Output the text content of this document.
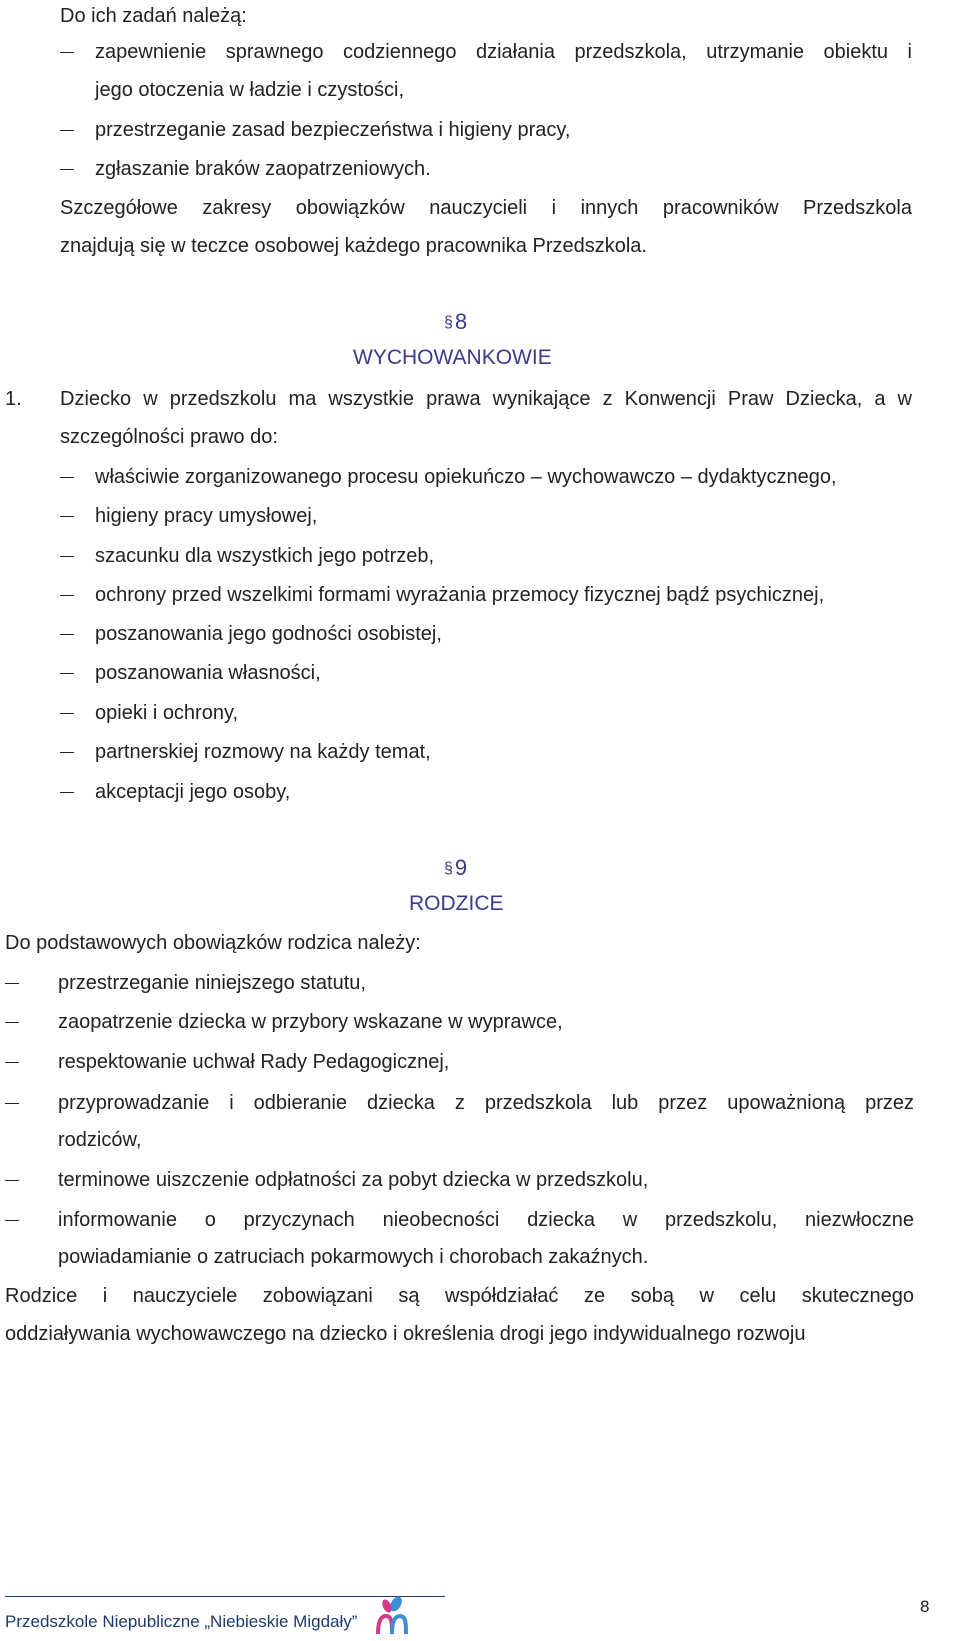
Do ich zadań należą:
zapewnienie sprawnego codziennego działania przedszkola, utrzymanie obiektu i
jego otoczenia w ładzie i czystości,
przestrzeganie zasad bezpieczeństwa i higieny pracy,
zgłaszanie braków zaopatrzeniowych.
Szczegółowe zakresy obowiązków nauczycieli i innych pracowników Przedszkola
znajdują się w teczce osobowej każdego pracownika Przedszkola.
§8
WYCHOWANKOWIE
1. Dziecko w przedszkolu ma wszystkie prawa wynikające z Konwencji Praw Dziecka, a w
szczególności prawo do:
właściwie zorganizowanego procesu opiekuńczo – wychowawczo – dydaktycznego,
higieny pracy umysłowej,
szacunku dla wszystkich jego potrzeb,
ochrony przed wszelkimi formami wyrażania przemocy fizycznej bądź psychicznej,
poszanowania jego godności osobistej,
poszanowania własności,
opieki i ochrony,
partnerskiej rozmowy na każdy temat,
akceptacji jego osoby,
§9
RODZICE
Do podstawowych obowiązków rodzica należy:
przestrzeganie niniejszego statutu,
zaopatrzenie dziecka w przybory wskazane w wyprawce,
respektowanie uchwał Rady Pedagogicznej,
przyprowadzanie i odbieranie dziecka z przedszkola lub przez upoważnioną przez
rodziców,
terminowe uiszczenie odpłatności za pobyt dziecka w przedszkolu,
informowanie o przyczynach nieobecności dziecka w przedszkolu, niezwłoczne
powiadamianie o zatruciach pokarmowych i chorobach zakaźnych.
Rodzice i nauczyciele zobowiązani są współdziałać ze sobą w celu skutecznego
oddziaływania wychowawczego na dziecko i określenia drogi jego indywidualnego rozwoju
Przedszkole Niepubliczne „Niebieskie Migdały”
8
